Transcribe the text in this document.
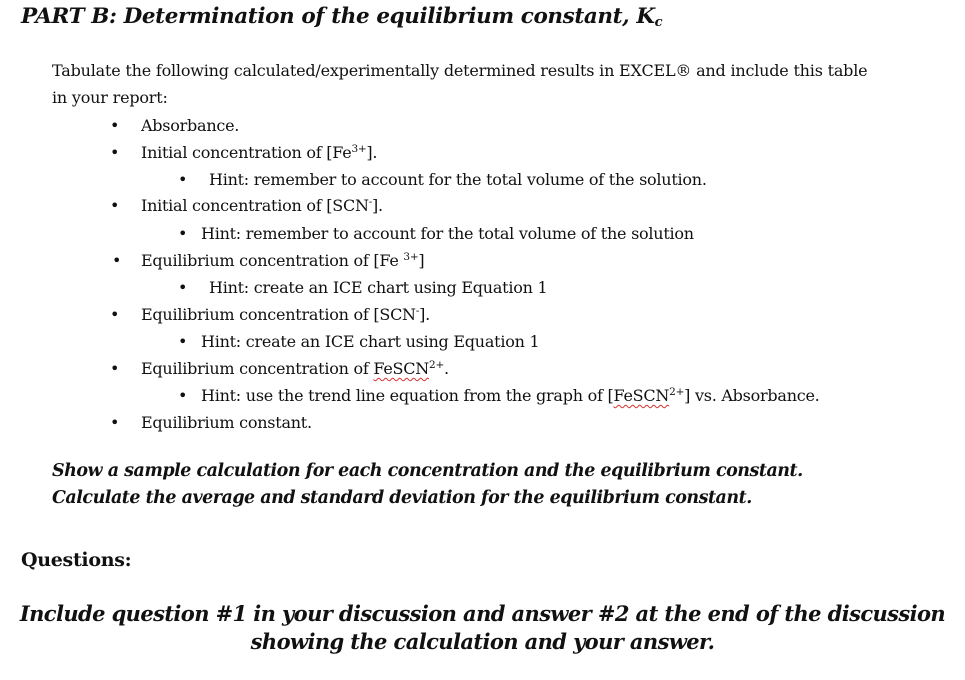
PART B: Determination of the equilibrium constant, Kc
Tabulate the following calculated/experimentally determined results in EXCEL® and include this table
in your report:
• Absorbance.
• Initial concentration of $[Fe^{3+}]$.
• Hint: remember to account for the total volume of the solution.
• Initial concentration of [SCN-].
• Hint: remember to account for the total volume of the solution
• Equilibrium concentration of [Fe $^{3+}$]
• Hint: create an ICE chart using Equation 1
• Equilibrium concentration of [SCN-].
• Hint: create an ICE chart using Equation 1
• Equilibrium concentration of FeSCN$^{2+}$.
• Hint: use the trend line equation from the graph of [FeSCN$^{2+}$] vs. Absorbance.
• Equilibrium constant.
Show a sample calculation for each concentration and the equilibrium constant.
Calculate the average and standard deviation for the equilibrium constant.
Questions:
Include question #1 in your discussion and answer #2 at the end of the discussion
showing the calculation and your answer.
